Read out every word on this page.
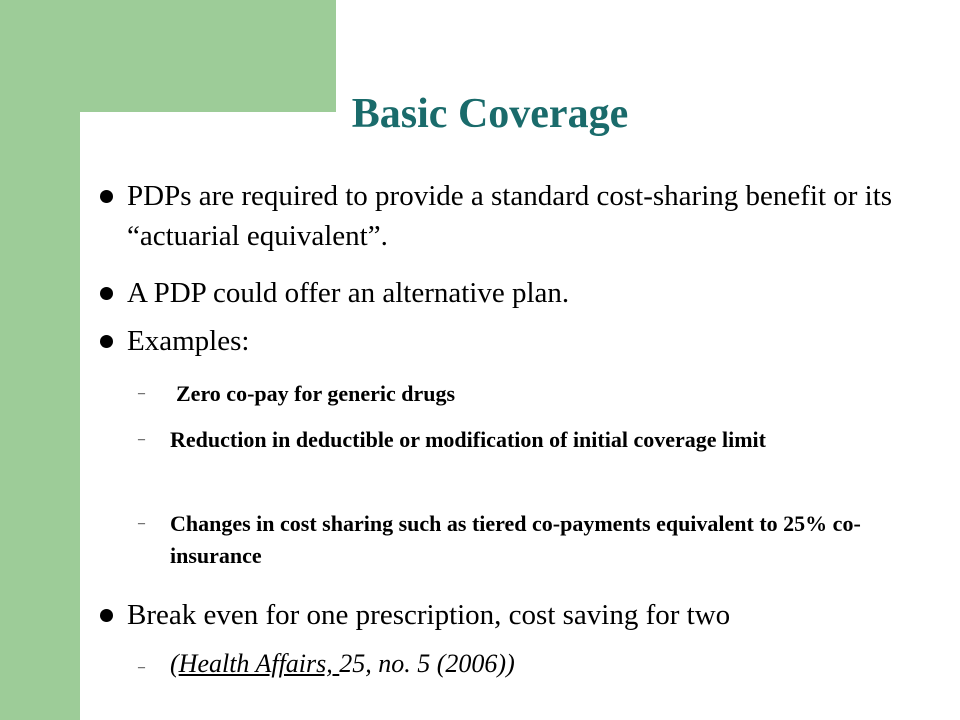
Basic Coverage
PDPs are required to provide a standard cost-sharing benefit or its “actuarial equivalent”.
A PDP could offer an alternative plan.
Examples:
– Zero co-pay for generic drugs
– Reduction in deductible or modification of initial coverage limit
– Changes in cost sharing such as tiered co-payments equivalent to 25% co-insurance
Break even for one prescription, cost saving for two
– (Health Affairs, 25, no. 5 (2006))
